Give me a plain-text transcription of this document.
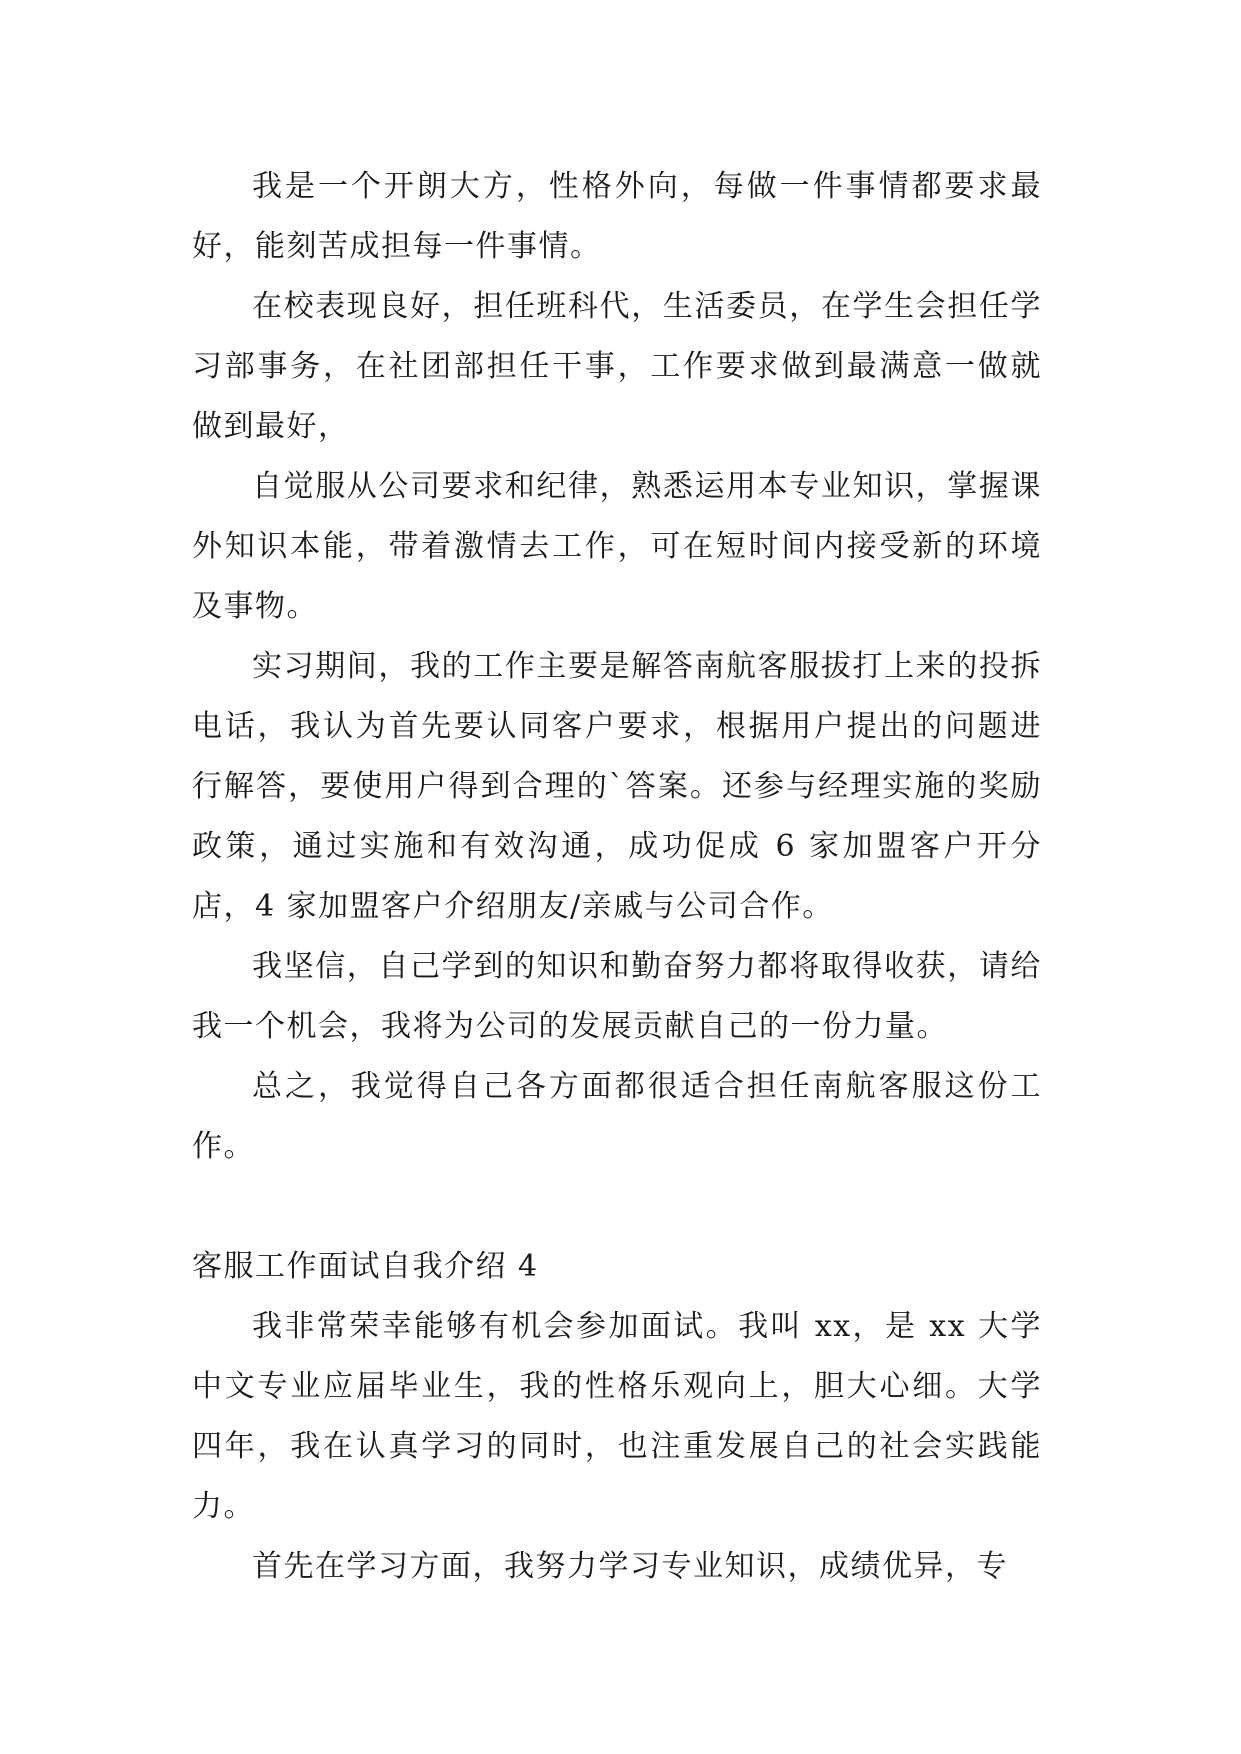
我是一个开朗大方，性格外向，每做一件事情都要求最好，能刻苦成担每一件事情。

在校表现良好，担任班科代，生活委员，在学生会担任学习部事务，在社团部担任干事，工作要求做到最满意一做就做到最好，

自觉服从公司要求和纪律，熟悉运用本专业知识，掌握课外知识本能，带着激情去工作，可在短时间内接受新的环境及事物。

实习期间，我的工作主要是解答南航客服拔打上来的投拆电话，我认为首先要认同客户要求，根据用户提出的问题进行解答，要使用户得到合理的`答案。还参与经理实施的奖励政策，通过实施和有效沟通，成功促成 6 家加盟客户开分店，4 家加盟客户介绍朋友/亲戚与公司合作。

我坚信，自己学到的知识和勤奋努力都将取得收获，请给我一个机会，我将为公司的发展贡献自己的一份力量。

总之，我觉得自己各方面都很适合担任南航客服这份工作。

客服工作面试自我介绍 4

我非常荣幸能够有机会参加面试。我叫 xx，是 xx 大学中文专业应届毕业生，我的性格乐观向上，胆大心细。大学四年，我在认真学习的同时，也注重发展自己的社会实践能力。

首先在学习方面，我努力学习专业知识，成绩优异，专
